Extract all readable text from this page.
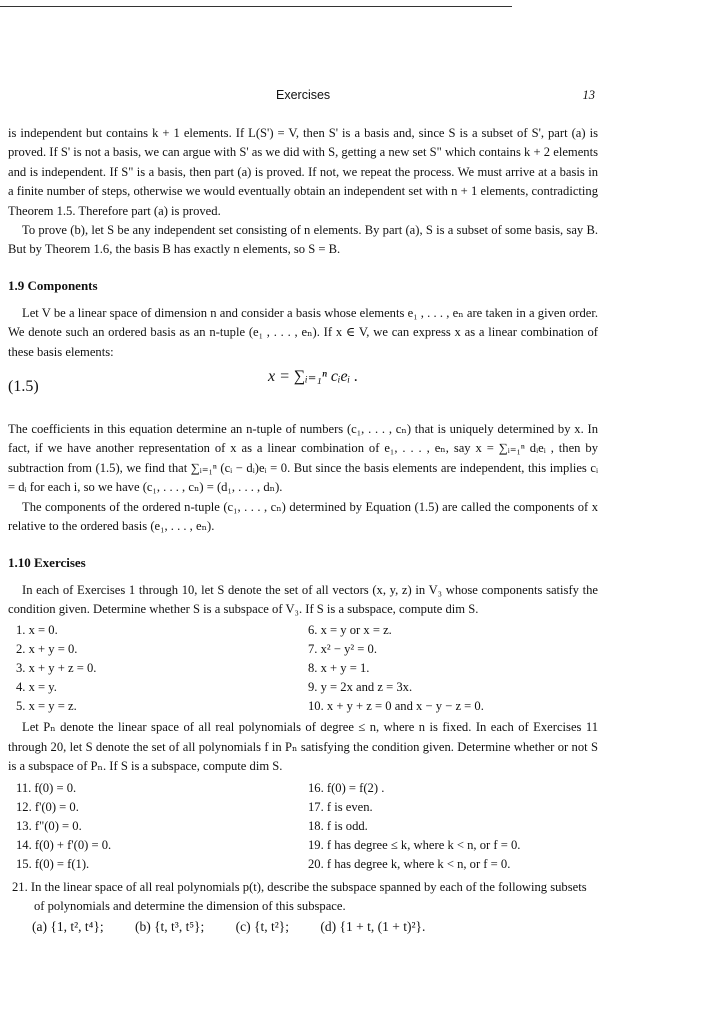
Exercises	13

is independent but contains k + 1 elements. If L(S') = V, then S' is a basis and, since S is a subset of S', part (a) is proved. If S' is not a basis, we can argue with S' as we did with S, getting a new set S" which contains k + 2 elements and is independent. If S" is a basis, then part (a) is proved. If not, we repeat the process. We must arrive at a basis in a finite number of steps, otherwise we would eventually obtain an independent set with n + 1 elements, contradicting Theorem 1.5. Therefore part (a) is proved.

To prove (b), let S be any independent set consisting of n elements. By part (a), S is a subset of some basis, say B. But by Theorem 1.6, the basis B has exactly n elements, so S = B.

1.9 Components

Let V be a linear space of dimension n and consider a basis whose elements e₁ , . . . , eₙ are taken in a given order. We denote such an ordered basis as an n-tuple (e₁ , . . . , eₙ). If x ∈ V, we can express x as a linear combination of these basis elements:

(1.5)
x = ∑ᵢ₌₁ⁿ cᵢeᵢ .

The coefficients in this equation determine an n-tuple of numbers (c₁, . . . , cₙ) that is uniquely determined by x. In fact, if we have another representation of x as a linear combination of e₁, . . . , eₙ, say x = ∑ᵢ₌₁ⁿ dᵢeᵢ , then by subtraction from (1.5), we find that ∑ᵢ₌₁ⁿ (cᵢ − dᵢ)eᵢ = 0. But since the basis elements are independent, this implies cᵢ = dᵢ for each i, so we have (c₁, . . . , cₙ) = (d₁, . . . , dₙ).

The components of the ordered n-tuple (c₁, . . . , cₙ) determined by Equation (1.5) are called the components of x relative to the ordered basis (e₁, . . . , eₙ).

1.10 Exercises

In each of Exercises 1 through 10, let S denote the set of all vectors (x, y, z) in V₃ whose components satisfy the condition given. Determine whether S is a subspace of V₃. If S is a subspace, compute dim S.

1. x = 0.	6. x = y or x = z.
2. x + y = 0.	7. x² − y² = 0.
3. x + y + z = 0.	8. x + y = 1.
4. x = y.	9. y = 2x and z = 3x.
5. x = y = z.	10. x + y + z = 0 and x − y − z = 0.

Let Pₙ denote the linear space of all real polynomials of degree ≤ n, where n is fixed. In each of Exercises 11 through 20, let S denote the set of all polynomials f in Pₙ satisfying the condition given. Determine whether or not S is a subspace of Pₙ. If S is a subspace, compute dim S.

11. f(0) = 0.	16. f(0) = f(2) .
12. f'(0) = 0.	17. f is even.
13. f"(0) = 0.	18. f is odd.
14. f(0) + f'(0) = 0.	19. f has degree ≤ k, where k < n, or f = 0.
15. f(0) = f(1).	20. f has degree k, where k < n, or f = 0.
21. In the linear space of all real polynomials p(t), describe the subspace spanned by each of the following subsets of polynomials and determine the dimension of this subspace.
(a) {1, t², t⁴}; (b) {t, t³, t⁵}; (c) {t, t²}; (d) {1 + t, (1 + t)²}.
